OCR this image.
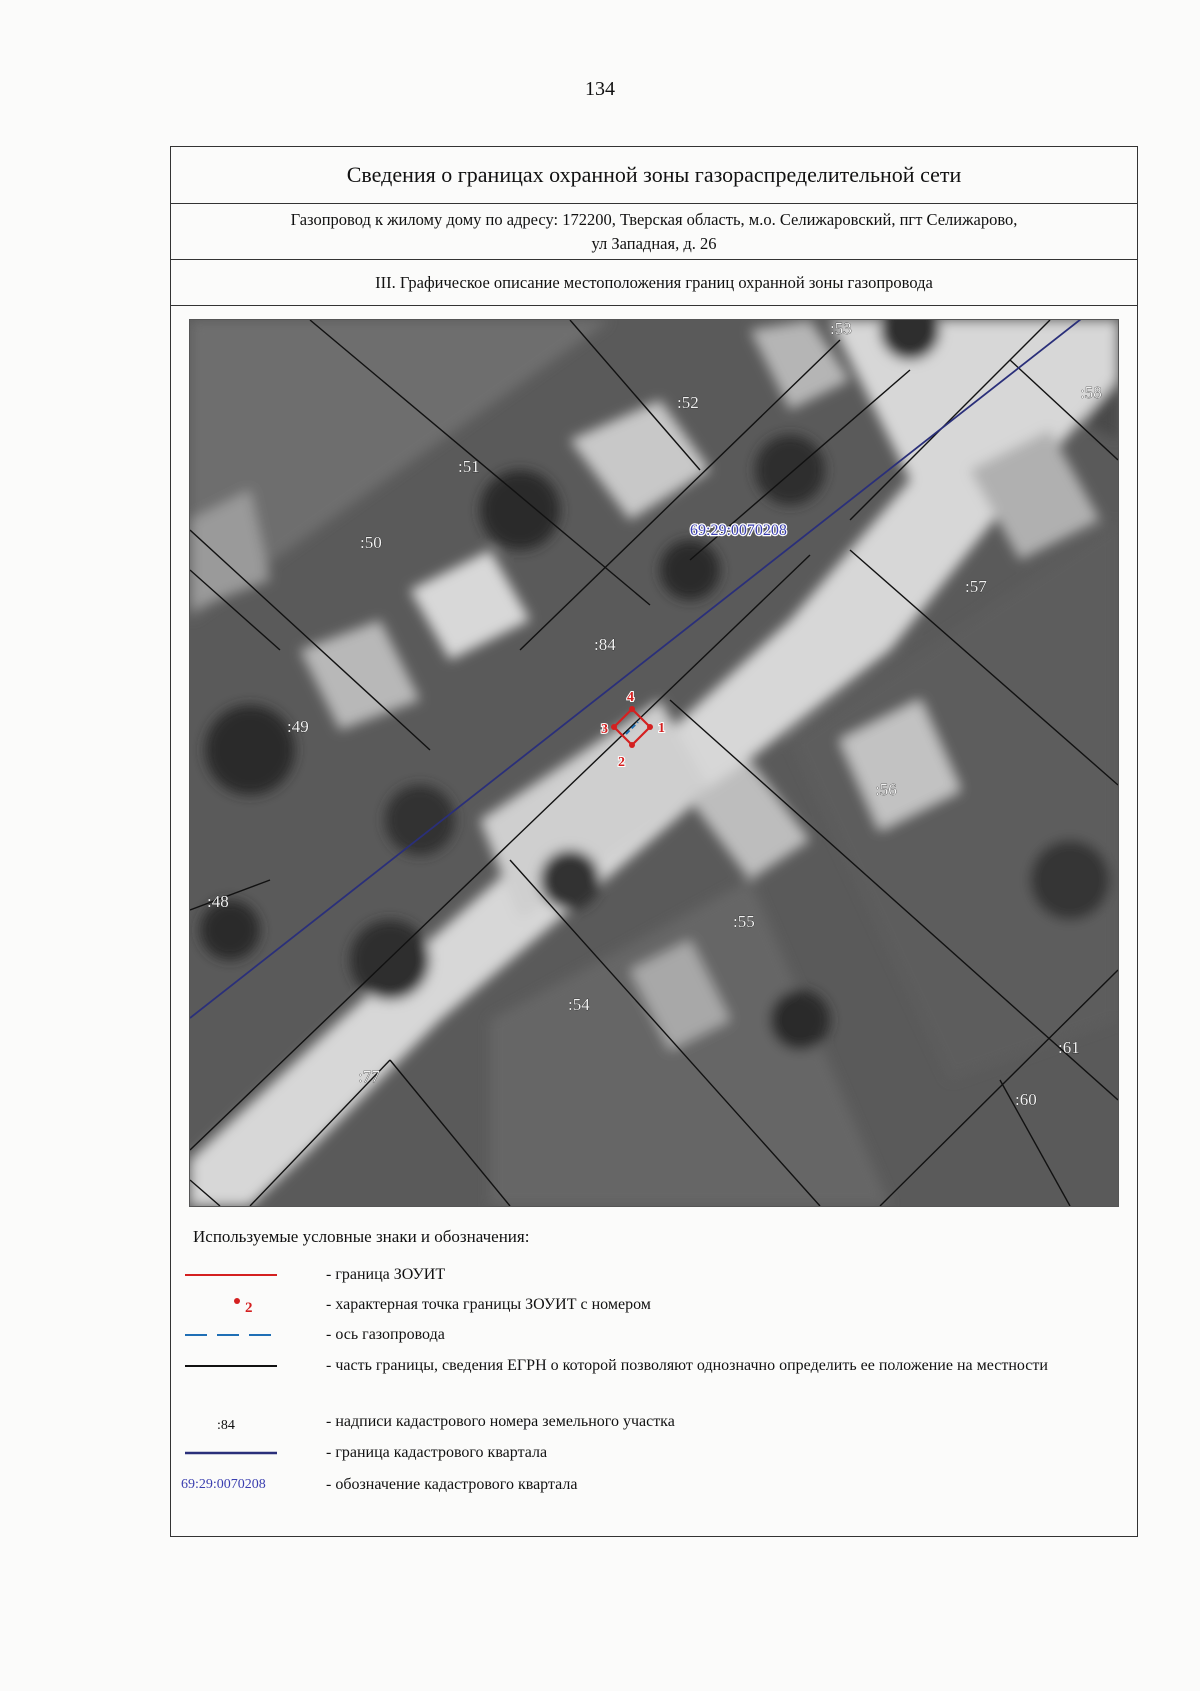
134
Сведения о границах охранной зоны газораспределительной сети
Газопровод к жилому дому по адресу: 172200, Тверская область, м.о. Селижаровский, пгт Селижарово,
ул Западная, д. 26
III. Графическое описание местоположения границ охранной зоны газопровода
:53
:52
:58
:51
:50
:57
:84
:49
:56
:48
:55
:54
:61
:77
:60
69:29:0070208
1
2
3
4
Используемые условные знаки и обозначения:
- граница ЗОУИТ
2	- характерная точка границы ЗОУИТ с номером
- ось газопровода
- часть границы, сведения ЕГРН о которой позволяют однозначно определить ее положение на местности
:84	- надписи кадастрового номера земельного участка
- граница кадастрового квартала
69:29:0070208	- обозначение кадастрового квартала
